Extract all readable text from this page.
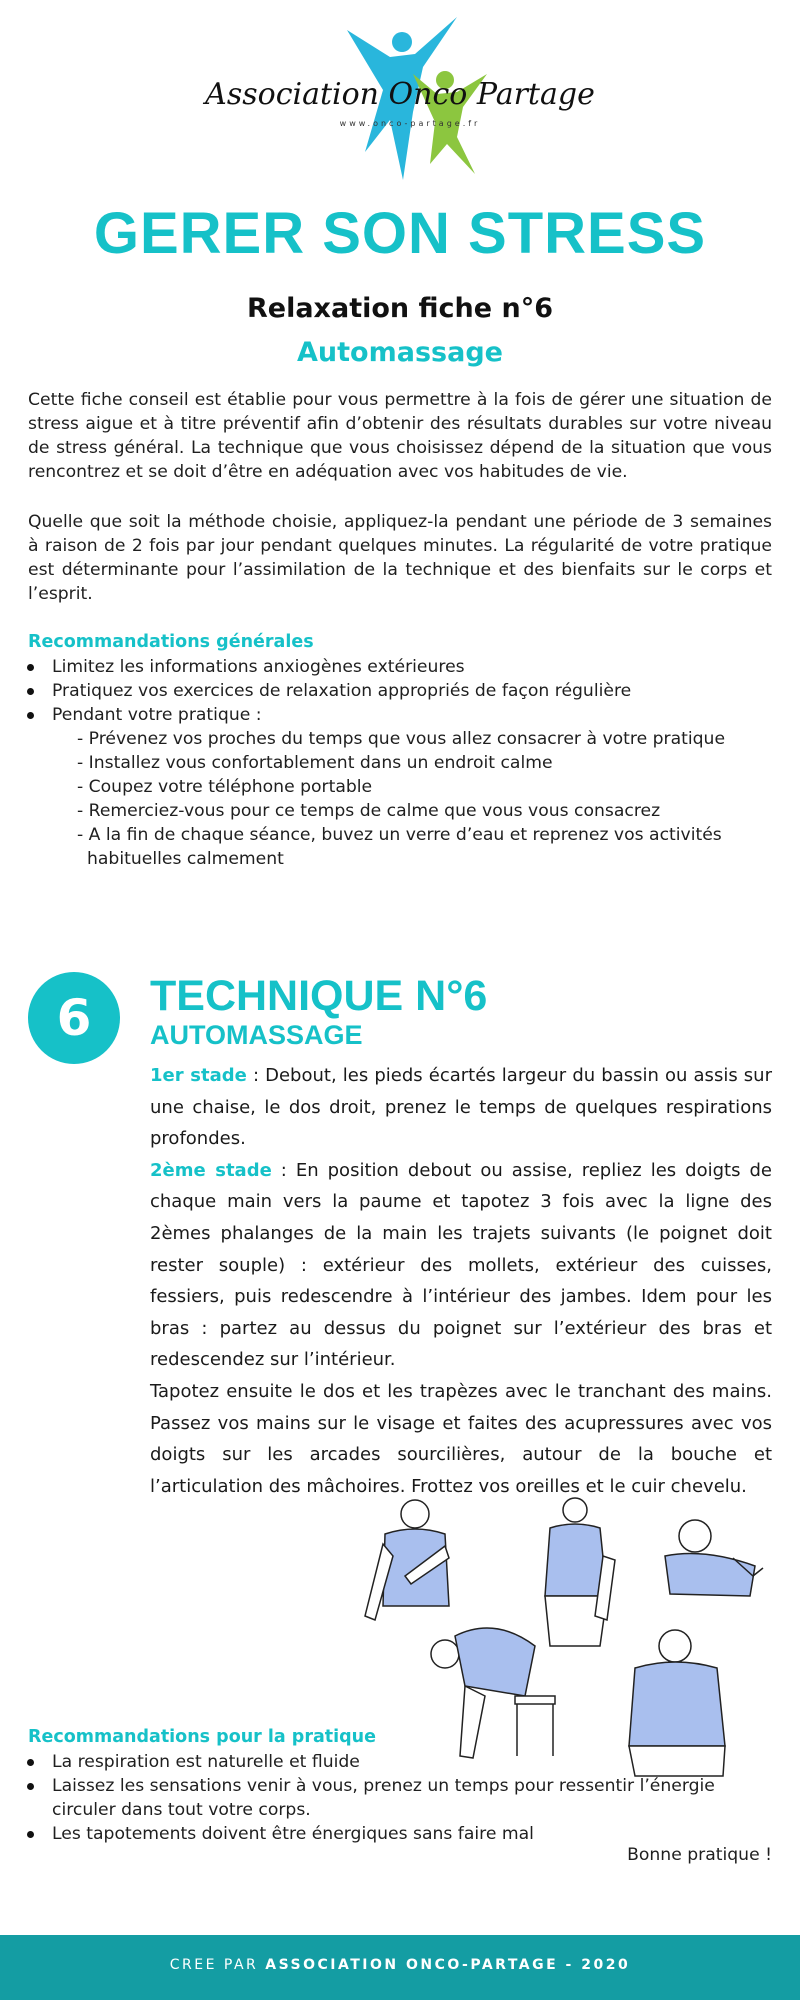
Association Onco Partage
www.onco-partage.fr
GERER SON STRESS
Relaxation fiche n°6
Automassage

Cette fiche conseil est établie pour vous permettre à la fois de gérer une situation de stress aigue et à titre préventif afin d’obtenir des résultats durables sur votre niveau de stress général. La technique que vous choisissez dépend de la situation que vous rencontrez et se doit d’être en adéquation avec vos habitudes de vie.

Quelle que soit la méthode choisie, appliquez-la pendant une période de 3 semaines à raison de 2 fois par jour pendant quelques minutes. La régularité de votre pratique est déterminante pour l’assimilation de la technique et des bienfaits sur le corps et l’esprit.

Recommandations générales
Limitez les informations anxiogènes extérieures
Pratiquez vos exercices de relaxation appropriés de façon régulière
Pendant votre pratique :
- Prévenez vos proches du temps que vous allez consacrer à votre pratique
- Installez vous confortablement dans un endroit calme
- Coupez votre téléphone portable
- Remerciez-vous pour ce temps de calme que vous vous consacrez
- A la fin de chaque séance, buvez un verre d’eau et reprenez vos activités habituelles calmement
6	TECHNIQUE N°6
AUTOMASSAGE

1er stade : Debout, les pieds écartés largeur du bassin ou assis sur une chaise, le dos droit, prenez le temps de quelques respirations profondes.

2ème stade : En position debout ou assise, repliez les doigts de chaque main vers la paume et tapotez 3 fois avec la ligne des 2èmes phalanges de la main les trajets suivants (le poignet doit rester souple) : extérieur des mollets, extérieur des cuisses, fessiers, puis redescendre à l’intérieur des jambes. Idem pour les bras : partez au dessus du poignet sur l’extérieur des bras et redescendez sur l’intérieur.

Tapotez ensuite le dos et les trapèzes avec le tranchant des mains. Passez vos mains sur le visage et faites des acupressures avec vos doigts sur les arcades sourcilières, autour de la bouche et l’articulation des mâchoires. Frottez vos oreilles et le cuir chevelu.

Recommandations pour la pratique
La respiration est naturelle et fluide
Laissez les sensations venir à vous, prenez un temps pour ressentir l’énergie circuler dans tout votre corps.
Les tapotements doivent être énergiques sans faire mal

Bonne pratique !

CREE PAR ASSOCIATION ONCO-PARTAGE - 2020
